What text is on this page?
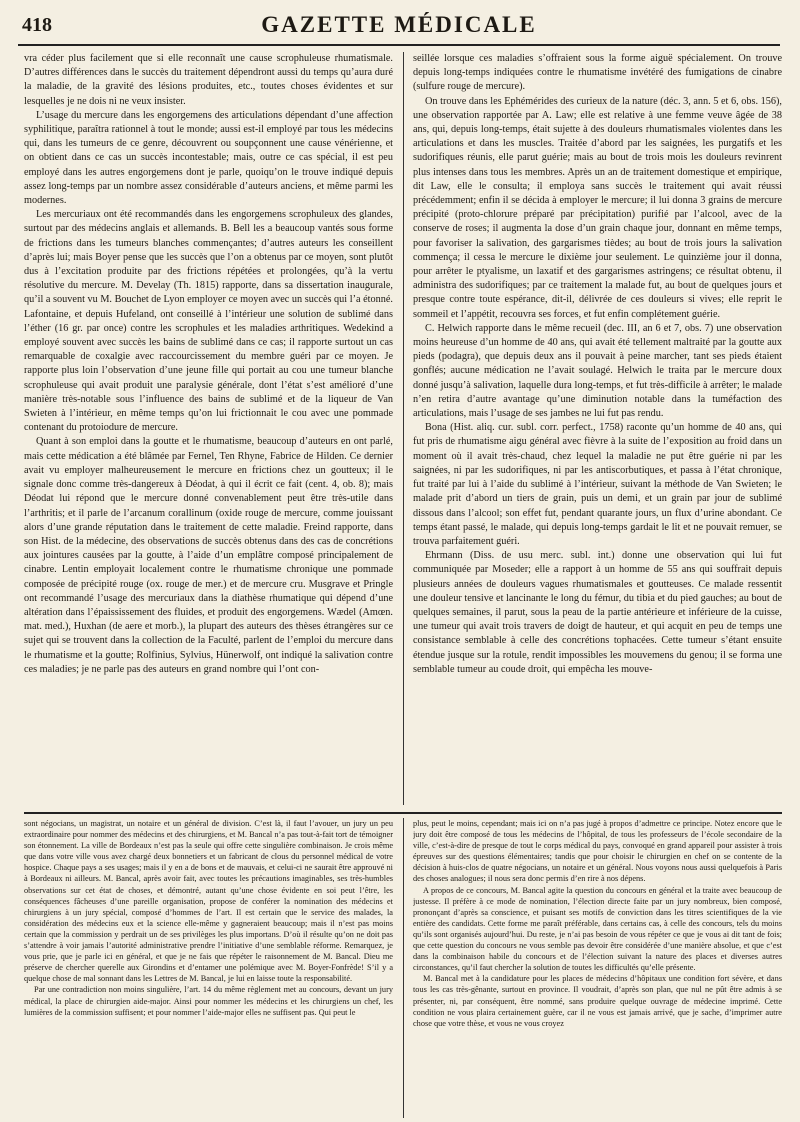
418	GAZETTE MÉDICALE

vra céder plus facilement que si elle reconnaît une cause scrophuleuse rhumatismale. D’autres différences dans le succès du traitement dépendront aussi du temps qu’aura duré la maladie, de la gravité des lésions produites, etc., toutes choses évidentes et sur lesquelles je ne dois ni ne veux insister.

L’usage du mercure dans les engorgemens des articulations dépendant d’une affection syphilitique, paraîtra rationnel à tout le monde; aussi est-il employé par tous les médecins qui, dans les tumeurs de ce genre, découvrent ou soupçonnent une cause vénérienne, et on obtient dans ce cas un succès incontestable; mais, outre ce cas spécial, il est peu employé dans les autres engorgemens dont je parle, quoiqu’on le trouve indiqué depuis assez long-temps par un nombre assez considérable d’auteurs anciens, et même parmi les modernes.

Les mercuriaux ont été recommandés dans les engorgemens scrophuleux des glandes, surtout par des médecins anglais et allemands. B. Bell les a beaucoup vantés sous forme de frictions dans les tumeurs blanches commençantes; d’autres auteurs les conseillent d’après lui; mais Boyer pense que les succès que l’on a obtenus par ce moyen, sont plutôt dus à l’excitation produite par des frictions répétées et prolongées, qu’à la vertu résolutive du mercure. M. Develay (Th. 1815) rapporte, dans sa dissertation inaugurale, qu’il a souvent vu M. Bouchet de Lyon employer ce moyen avec un succès qui l’a étonné. Lafontaine, et depuis Hufeland, ont conseillé à l’intérieur une solution de sublimé dans l’éther (16 gr. par once) contre les scrophules et les maladies arthritiques. Wedekind a employé souvent avec succès les bains de sublimé dans ce cas; il rapporte surtout un cas remarquable de coxalgie avec raccourcissement du membre guéri par ce moyen. Je rapporte plus loin l’observation d’une jeune fille qui portait au cou une tumeur blanche scrophuleuse qui avait produit une paralysie générale, dont l’état s’est amélioré d’une manière très-notable sous l’influence des bains de sublimé et de la liqueur de Van Swieten à l’intérieur, en même temps qu’on lui frictionnait le cou avec une pommade contenant du protoiodure de mercure.

Quant à son emploi dans la goutte et le rhumatisme, beaucoup d’auteurs en ont parlé, mais cette médication a été blâmée par Fernel, Ten Rhyne, Fabrice de Hilden. Ce dernier avait vu employer malheureusement le mercure en frictions chez un goutteux; il le signale donc comme très-dangereux à Déodat, à qui il écrit ce fait (cent. 4, ob. 8); mais Déodat lui répond que le mercure donné convenablement peut être très-utile dans l’arthritis; et il parle de l’arcanum corallinum (oxide rouge de mercure, comme jouissant alors d’une grande réputation dans le traitement de cette maladie. Freind rapporte, dans son Hist. de la médecine, des observations de succès obtenus dans des cas de concrétions aux jointures causées par la goutte, à l’aide d’un emplâtre composé principalement de cinabre. Lentin employait localement contre le rhumatisme chronique une pommade composée de précipité rouge (ox. rouge de mer.) et de mercure cru. Musgrave et Pringle ont recommandé l’usage des mercuriaux dans la diathèse rhumatique qui dépend d’une altération dans l’épaississement des fluides, et produit des engorgemens. Wædel (Amœn. mat. med.), Huxhan (de aere et morb.), la plupart des auteurs des thèses étrangères sur ce sujet qui se trouvent dans la collection de la Faculté, parlent de l’emploi du mercure dans le rhumatisme et la goutte; Rolfinius, Sylvius, Hünerwolf, ont indiqué la salivation contre ces maladies; je ne parle pas des auteurs en grand nombre qui l’ont con-

seillée lorsque ces maladies s’offraient sous la forme aiguë spécialement. On trouve depuis long-temps indiquées contre le rhumatisme invétéré des fumigations de cinabre (sulfure rouge de mercure).

On trouve dans les Ephémérides des curieux de la nature (déc. 3, ann. 5 et 6, obs. 156), une observation rapportée par A. Law; elle est relative à une femme veuve âgée de 38 ans, qui, depuis long-temps, était sujette à des douleurs rhumatismales violentes dans les articulations et dans les muscles. Traitée d’abord par les saignées, les purgatifs et les sudorifiques réunis, elle parut guérie; mais au bout de trois mois les douleurs revinrent plus intenses dans tous les membres. Après un an de traitement domestique et empirique, dit Law, elle le consulta; il employa sans succès le traitement qui avait réussi précédemment; enfin il se décida à employer le mercure; il lui donna 3 grains de mercure précipité (proto-chlorure préparé par précipitation) purifié par l’alcool, avec de la conserve de roses; il augmenta la dose d’un grain chaque jour, donnant en même temps, pour favoriser la salivation, des gargarismes tièdes; au bout de trois jours la salivation commença; il cessa le mercure le dixième jour seulement. Le quinzième jour il donna, pour arrêter le ptyalisme, un laxatif et des gargarismes astringens; ce résultat obtenu, il administra des sudorifiques; par ce traitement la malade fut, au bout de quelques jours et presque contre toute espérance, dit-il, délivrée de ces douleurs si vives; elle reprit le sommeil et l’appétit, recouvra ses forces, et fut enfin complétement guérie.

C. Helwich rapporte dans le même recueil (dec. III, an 6 et 7, obs. 7) une observation moins heureuse d’un homme de 40 ans, qui avait été tellement maltraité par la goutte aux pieds (podagra), que depuis deux ans il pouvait à peine marcher, tant ses pieds étaient gonflés; aucune médication ne l’avait soulagé. Helwich le traita par le mercure doux donné jusqu’à salivation, laquelle dura long-temps, et fut très-difficile à arrêter; le malade n’en retira d’autre avantage qu’une diminution notable dans la tuméfaction des articulations, mais l’usage de ses jambes ne lui fut pas rendu.

Bona (Hist. aliq. cur. subl. corr. perfect., 1758) raconte qu’un homme de 40 ans, qui fut pris de rhumatisme aigu général avec fièvre à la suite de l’exposition au froid dans un moment où il avait très-chaud, chez lequel la maladie ne put être guérie ni par les saignées, ni par les sudorifiques, ni par les antiscorbutiques, et passa à l’état chronique, fut traité par lui à l’aide du sublimé à l’intérieur, suivant la méthode de Van Swieten; le malade prit d’abord un tiers de grain, puis un demi, et un grain par jour de sublimé dissous dans l’alcool; son effet fut, pendant quarante jours, un flux d’urine abondant. Ce temps étant passé, le malade, qui depuis long-temps gardait le lit et ne pouvait remuer, se trouva parfaitement guéri.

Ehrmann (Diss. de usu merc. subl. int.) donne une observation qui lui fut communiquée par Moseder; elle a rapport à un homme de 55 ans qui souffrait depuis plusieurs années de douleurs vagues rhumatismales et goutteuses. Ce malade ressentit une douleur tensive et lancinante le long du fémur, du tibia et du pied gauches; au bout de quelques semaines, il parut, sous la peau de la partie antérieure et inférieure de la cuisse, une tumeur qui avait trois travers de doigt de hauteur, et qui acquit en peu de temps une consistance semblable à celle des concrétions tophacées. Cette tumeur s’étant ensuite étendue jusque sur la rotule, rendit impossibles les mouvemens du genou; il se forma une semblable tumeur au coude droit, qui empêcha les mouve-

sont négocians, un magistrat, un notaire et un général de division. C’est là, il faut l’avouer, un jury un peu extraordinaire pour nommer des médecins et des chirurgiens, et M. Bancal n’a pas tout-à-fait tort de témoigner son étonnement. La ville de Bordeaux n’est pas la seule qui offre cette singulière combinaison. Je crois même que dans votre ville vous avez chargé deux bonnetiers et un fabricant de clous du personnel médical de votre hospice. Chaque pays a ses usages; mais il y en a de bons et de mauvais, et celui-ci ne saurait être approuvé ni à Bordeaux ni ailleurs. M. Bancal, après avoir fait, avec toutes les précautions imaginables, ses très-humbles observations sur cet état de choses, et démontré, autant qu’une chose évidente en soi peut l’être, les conséquences fâcheuses d’une pareille organisation, propose de conférer la nomination des médecins et chirurgiens à un jury spécial, composé d’hommes de l’art. Il est certain que le service des malades, la considération des médecins eux et la science elle-même y gagneraient beaucoup; mais il n’est pas moins certain que la commission y perdrait un de ses privilèges les plus importans. D’où il résulte qu’on ne doit pas s’attendre à voir jamais l’autorité administrative prendre l’initiative d’une semblable réforme. Remarquez, je vous prie, que je parle ici en général, et que je ne fais que répéter le raisonnement de M. Bancal. Dieu me préserve de chercher querelle aux Girondins et d’entamer une polémique avec M. Boyer-Fonfrède! S’il y a quelque chose de mal sonnant dans les Lettres de M. Bancal, je lui en laisse toute la responsabilité.

Par une contradiction non moins singulière, l’art. 14 du même règlement met au concours, devant un jury médical, la place de chirurgien aide-major. Ainsi pour nommer les médecins et les chirurgiens un chef, les lumières de la commission suffisent; et pour nommer l’aide-major elles ne suffisent pas. Qui peut le

plus, peut le moins, cependant; mais ici on n’a pas jugé à propos d’admettre ce principe. Notez encore que le jury doit être composé de tous les médecins de l’hôpital, de tous les professeurs de l’école secondaire de la ville, c’est-à-dire de presque de tout le corps médical du pays, convoqué en grand appareil pour assister à trois épreuves sur des questions élémentaires; tandis que pour choisir le chirurgien en chef on se contente de la décision à huis-clos de quatre négocians, un notaire et un général. Nous voyons nous aussi quelquefois à Paris des choses analogues; il nous sera donc permis d’en rire à nos dépens.

A propos de ce concours, M. Bancal agite la question du concours en général et la traite avec beaucoup de justesse. Il préfère à ce mode de nomination, l’élection directe faite par un jury nombreux, bien composé, prononçant d’après sa conscience, et puisant ses motifs de conviction dans les titres scientifiques de la vie entière des candidats. Cette forme me paraît préférable, dans certains cas, à celle des concours, tels du moins qu’ils sont organisés aujourd’hui. Du reste, je n’ai pas besoin de vous répéter ce que je vous ai dit tant de fois; que cette question du concours ne vous semble pas devoir être considérée d’une manière absolue, et que c’est dans la combinaison habile du concours et de l’élection suivant la nature des places et diverses autres circonstances, qu’il faut chercher la solution de toutes les difficultés qu’elle présente.

M. Bancal met à la candidature pour les places de médecins d’hôpitaux une condition fort sévère, et dans tous les cas très-gênante, surtout en province. Il voudrait, d’après son plan, que nul ne pût être admis à se présenter, ni, par conséquent, être nommé, sans produire quelque ouvrage de médecine imprimé. Cette condition ne vous plaira certainement guère, car il ne vous est jamais arrivé, que je sache, d’imprimer autre chose que votre thèse, et vous ne vous croyez
